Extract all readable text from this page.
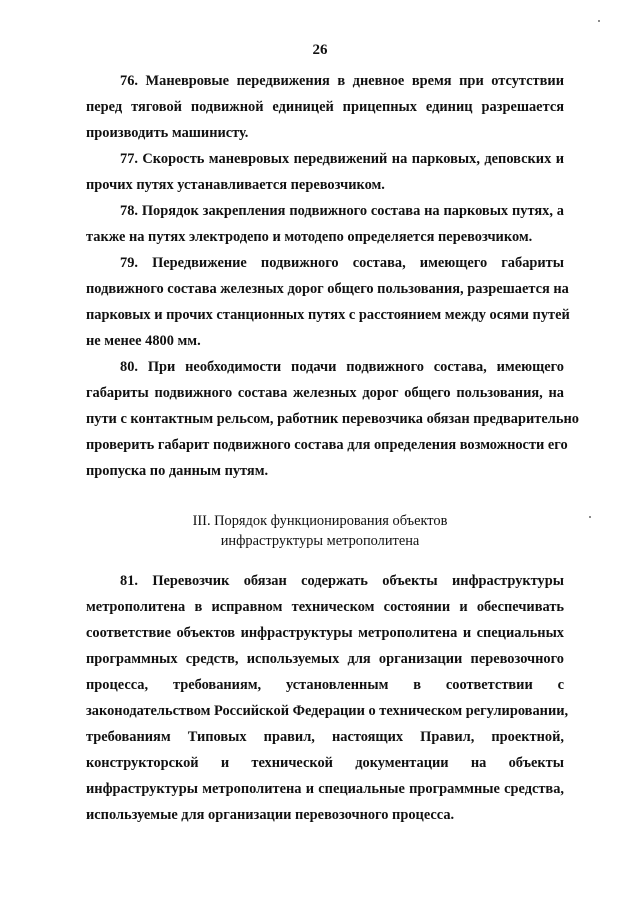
26
76. Маневровые передвижения в дневное время при отсутствии
перед тяговой подвижной единицей прицепных единиц разрешается
производить машинисту.
77. Скорость маневровых передвижений на парковых, деповских и
прочих путях устанавливается перевозчиком.
78. Порядок закрепления подвижного состава на парковых путях, а
также на путях электродепо и мотодепо определяется перевозчиком.
79. Передвижение подвижного состава, имеющего габариты
подвижного состава железных дорог общего пользования, разрешается на
парковых и прочих станционных путях с расстоянием между осями путей
не менее 4800 мм.
80. При необходимости подачи подвижного состава, имеющего
габариты подвижного состава железных дорог общего пользования, на
пути с контактным рельсом, работник перевозчика обязан предварительно
проверить габарит подвижного состава для определения возможности его
пропуска по данным путям.
III. Порядок функционирования объектов
инфраструктуры метрополитена
81. Перевозчик обязан содержать объекты инфраструктуры
метрополитена в исправном техническом состоянии и обеспечивать
соответствие объектов инфраструктуры метрополитена и специальных
программных средств, используемых для организации перевозочного
процесса, требованиям, установленным в соответствии с
законодательством Российской Федерации о техническом регулировании,
требованиям Типовых правил, настоящих Правил, проектной,
конструкторской и технической документации на объекты
инфраструктуры метрополитена и специальные программные средства,
используемые для организации перевозочного процесса.
